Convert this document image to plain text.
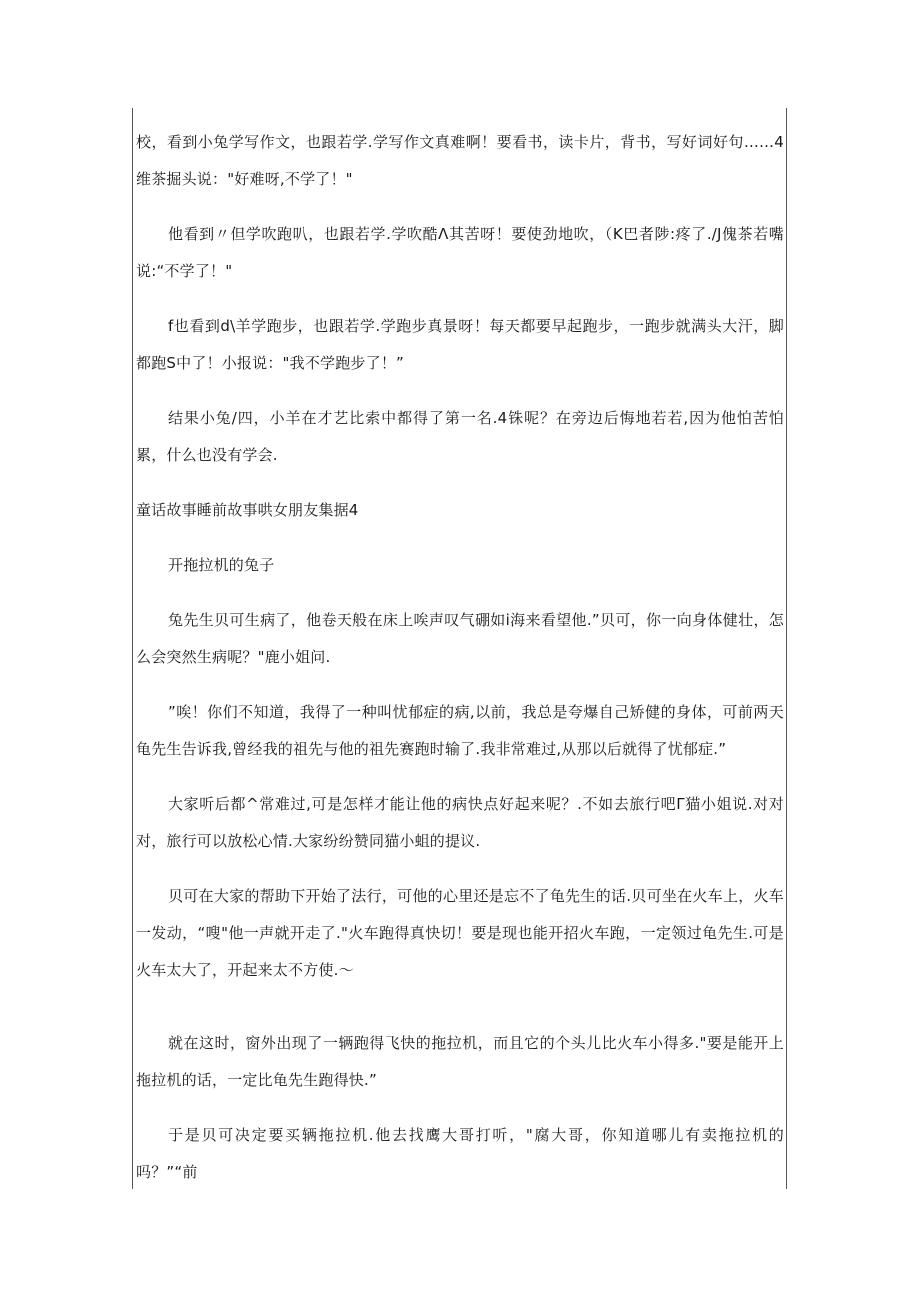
校，看到小兔学写作文，也跟若学.学写作文真难啊！要看书，读卡片，背书，写好词好句……4维茶掘头说："好难呀,不学了！"

他看到〃但学吹跑叭，也跟若学.学吹酷Λ其苦呀！要使劲地吹，（K巴者陟:疼了./J傀茶若嘴说:“不学了！"

f也看到d\羊学跑步，也跟若学.学跑步真景呀！每天都要早起跑步，一跑步就满头大汗，脚都跑S中了！小报说："我不学跑步了！”

结果小兔/四，小羊在才艺比索中都得了第一名.4铢呢？在旁边后悔地若若,因为他怕苦怕累，什么也没有学会.

童话故事睡前故事哄女朋友集据4

开拖拉机的兔子

兔先生贝可生病了，他卷天般在床上唉声叹气硼如i海来看望他.”贝可，你一向身体健壮，怎么会突然生病呢？"鹿小姐问.

”唉！你们不知道，我得了一种叫忧郁症的病,以前，我总是夸爆自己矫健的身体，可前两天龟先生告诉我,曾经我的祖先与他的祖先赛跑时输了.我非常难过,从那以后就得了忧郁症.”

大家听后都^常难过,可是怎样才能让他的病快点好起来呢？.不如去旅行吧Γ猫小姐说.对对对，旅行可以放松心情.大家纷纷赞同猫小蛆的提议.

贝可在大家的帮助下开始了法行，可他的心里还是忘不了龟先生的话.贝可坐在火车上，火车一发动，“嗖"他一声就开走了."火车跑得真快切！要是现也能开招火车跑，一定领过龟先生.可是火车太大了，开起来太不方使.〜

就在这时，窗外出现了一辆跑得飞快的拖拉机，而且它的个头儿比火车小得多."要是能开上拖拉机的话，一定比龟先生跑得快.”

于是贝可决定要买辆拖拉机.他去找鹰大哥打听，"腐大哥，你知道哪儿有卖拖拉机的吗？”“前
